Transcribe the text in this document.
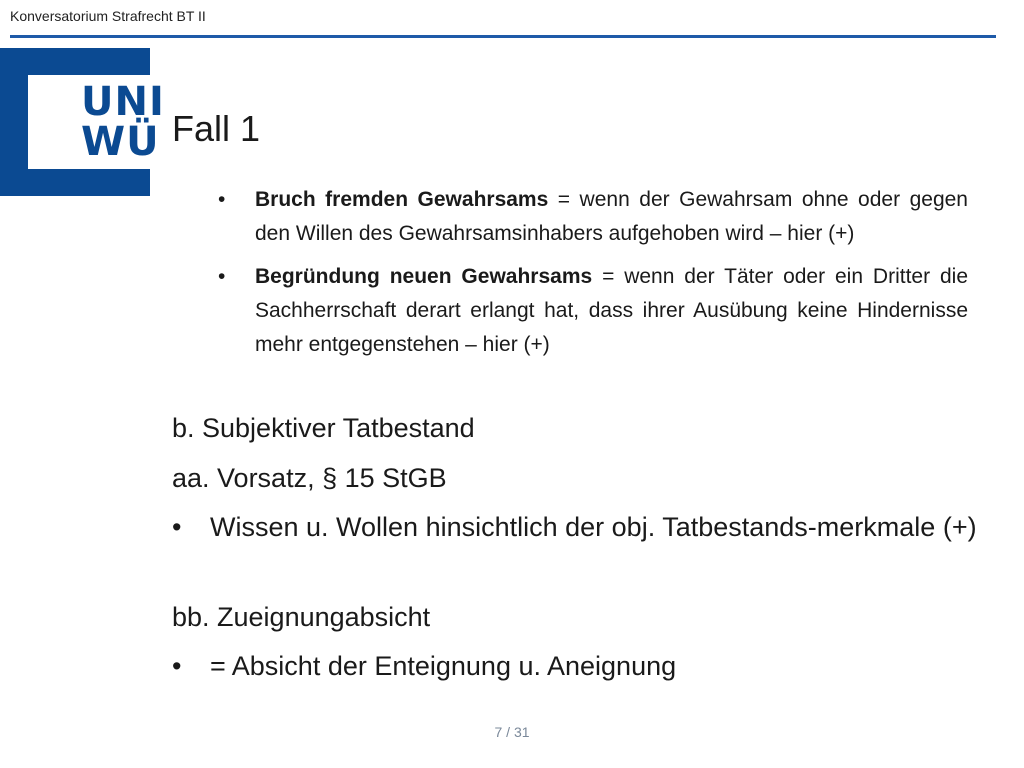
Konversatorium Strafrecht BT II
UNI
WÜ Fall 1
• Bruch fremden Gewahrsams = wenn der Gewahrsam ohne oder gegen den Willen des Gewahrsamsinhabers aufgehoben wird – hier (+)
• Begründung neuen Gewahrsams = wenn der Täter oder ein Dritter die Sachherrschaft derart erlangt hat, dass ihrer Ausübung keine Hindernisse mehr entgegenstehen – hier (+)
b. Subjektiver Tatbestand
aa. Vorsatz, § 15 StGB
• Wissen u. Wollen hinsichtlich der obj. Tatbestands-merkmale (+)
bb. Zueignungabsicht
• = Absicht der Enteignung u. Aneignung
7 / 31
